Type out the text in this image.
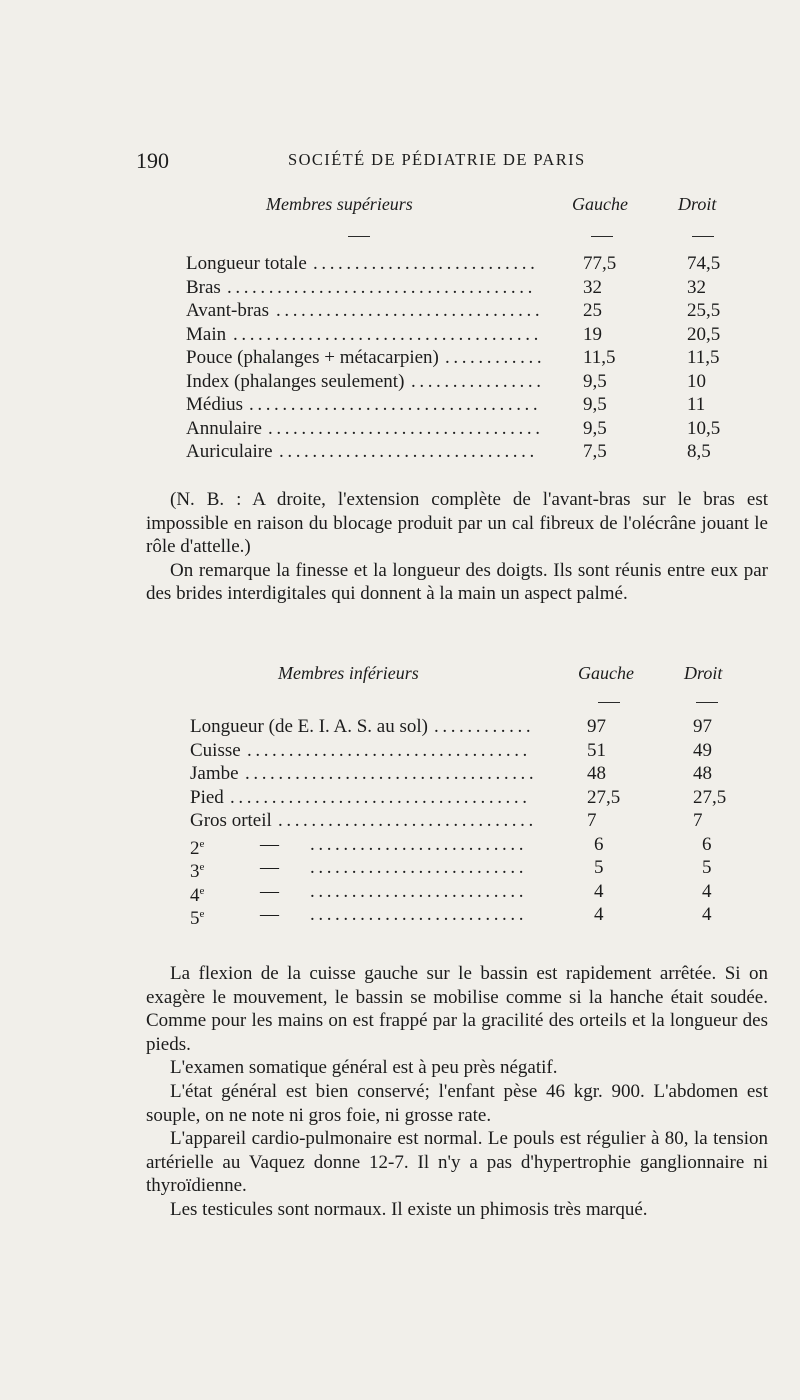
190	SOCIÉTÉ DE PÉDIATRIE DE PARIS
Membres supérieurs	Gauche	Droit
Longueur totale ........................... 77,5	74,5
Bras ..................................... 32	32
Avant-bras ................................ 25	25,5
Main ..................................... 19	20,5
Pouce (phalanges + métacarpien) ............ 11,5	11,5
Index (phalanges seulement) ................ 9,5	10
Médius ................................... 9,5	11
Annulaire ................................. 9,5	10,5
Auriculaire ............................... 7,5	8,5

(N. B. : A droite, l'extension complète de l'avant-bras sur le bras est impossible en raison du blocage produit par un cal fibreux de l'olécrâne jouant le rôle d'attelle.)

On remarque la finesse et la longueur des doigts. Ils sont réunis entre eux par des brides interdigitales qui donnent à la main un aspect palmé.

Membres inférieurs	Gauche	Droit
Longueur (de E. I. A. S. au sol) ............	97	97
Cuisse ..................................	51	49
Jambe ...................................	48	48
Pied ....................................	27,5	27,5
Gros orteil ...............................	7	7
2e	— ..........................	6	6
3e	— ..........................	5	5
4e	— ..........................	4	4
5e	— ..........................	4	4

La flexion de la cuisse gauche sur le bassin est rapidement arrêtée. Si on exagère le mouvement, le bassin se mobilise comme si la hanche était soudée. Comme pour les mains on est frappé par la gracilité des orteils et la longueur des pieds.

L'examen somatique général est à peu près négatif.

L'état général est bien conservé; l'enfant pèse 46 kgr. 900. L'abdomen est souple, on ne note ni gros foie, ni grosse rate.

L'appareil cardio-pulmonaire est normal. Le pouls est régulier à 80, la tension artérielle au Vaquez donne 12-7. Il n'y a pas d'hypertrophie ganglionnaire ni thyroïdienne.

Les testicules sont normaux. Il existe un phimosis très marqué.
